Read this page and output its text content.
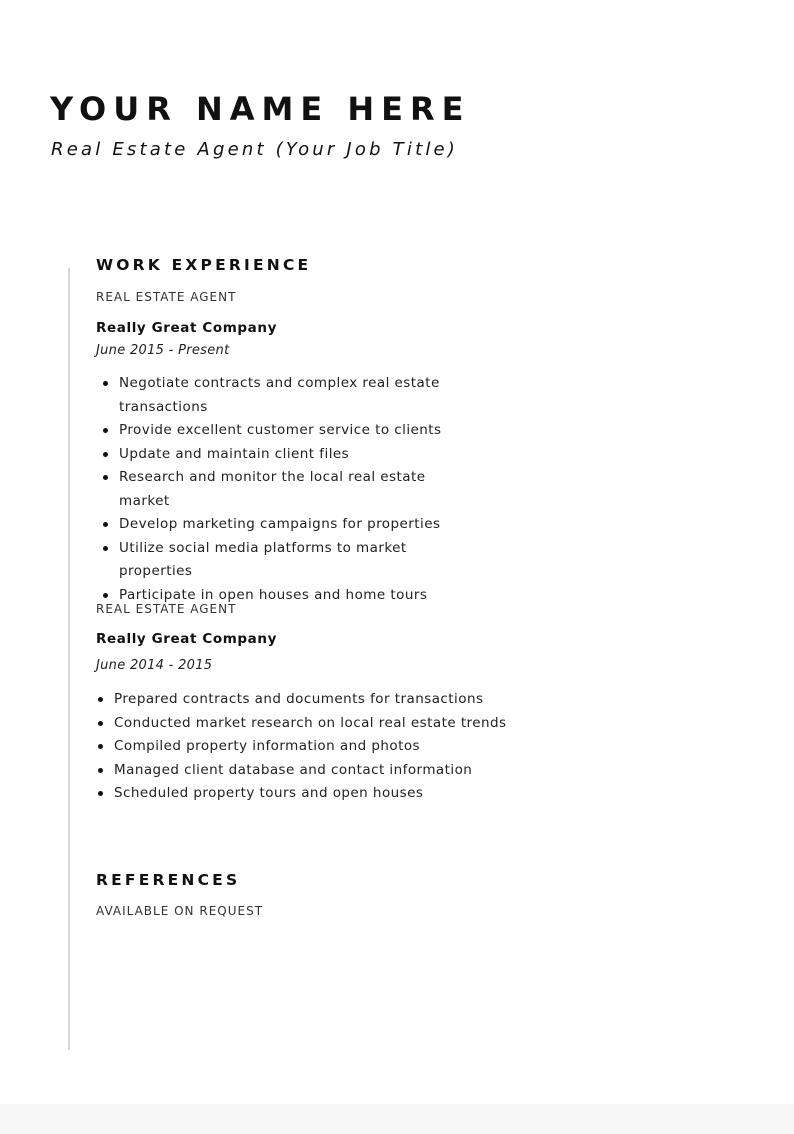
YOUR NAME HERE
Real Estate Agent (Your Job Title)
WORK EXPERIENCE
REAL ESTATE AGENT
Really Great Company
June 2015 - Present
Negotiate contracts and complex real estate transactions
Provide excellent customer service to clients
Update and maintain client files
Research and monitor the local real estate market
Develop marketing campaigns for properties
Utilize social media platforms to market properties
Participate in open houses and home tours
REAL ESTATE AGENT
Really Great Company
June 2014 - 2015
Prepared contracts and documents for transactions
Conducted market research on local real estate trends
Compiled property information and photos
Managed client database and contact information
Scheduled property tours and open houses
REFERENCES
AVAILABLE ON REQUEST
